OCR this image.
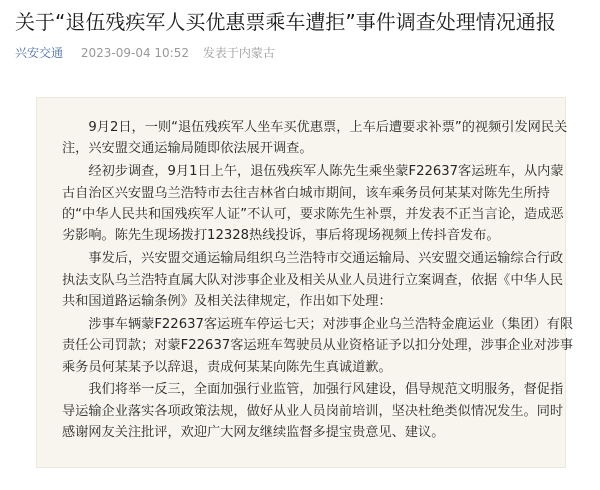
关于“退伍残疾军人买优惠票乘车遭拒”事件调查处理情况通报
兴安交通 2023-09-04 10:52 发表于内蒙古

9月2日，一则“退伍残疾军人坐车买优惠票，上车后遭要求补票”的视频引发网民关注，兴安盟交通运输局随即依法展开调查。

经初步调查，9月1日上午，退伍残疾军人陈先生乘坐蒙F22637客运班车，从内蒙古自治区兴安盟乌兰浩特市去往吉林省白城市期间，该车乘务员何某某对陈先生所持的“中华人民共和国残疾军人证”不认可，要求陈先生补票，并发表不正当言论，造成恶劣影响。陈先生现场拨打12328热线投诉，事后将现场视频上传抖音发布。

事发后，兴安盟交通运输局组织乌兰浩特市交通运输局、兴安盟交通运输综合行政执法支队乌兰浩特直属大队对涉事企业及相关从业人员进行立案调查，依据《中华人民共和国道路运输条例》及相关法律规定，作出如下处理：

涉事车辆蒙F22637客运班车停运七天；对涉事企业乌兰浩特金鹿运业（集团）有限责任公司罚款；对蒙F22637客运班车驾驶员从业资格证予以扣分处理，涉事企业对涉事乘务员何某某予以辞退，责成何某某向陈先生真诚道歉。

我们将举一反三，全面加强行业监管，加强行风建设，倡导规范文明服务，督促指导运输企业落实各项政策法规，做好从业人员岗前培训，坚决杜绝类似情况发生。同时感谢网友关注批评，欢迎广大网友继续监督多提宝贵意见、建议。
